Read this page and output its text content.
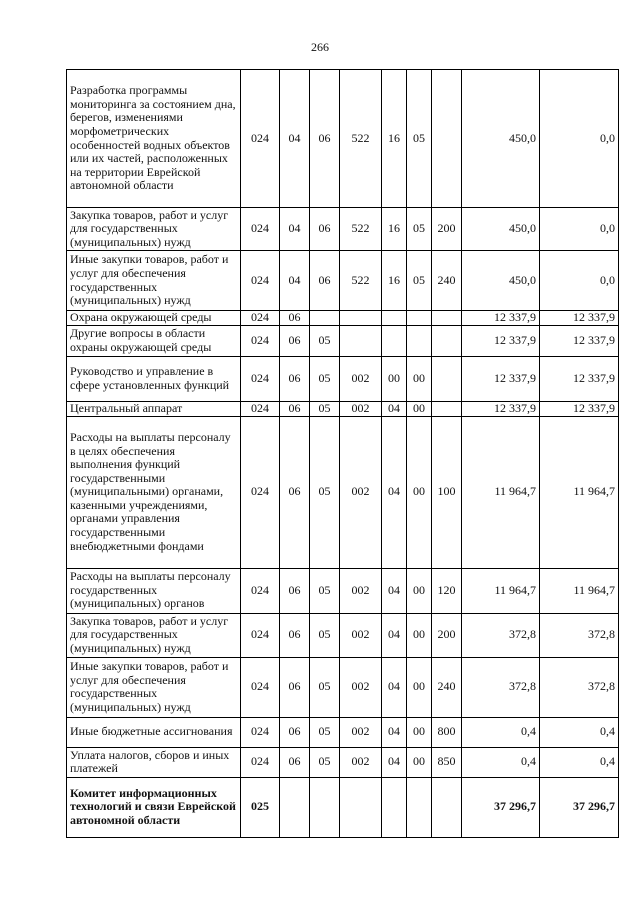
266
Разработка программы мониторинга за состоянием дна, берегов, изменениями морфометрических особенностей водных объектов или их частей, расположенных на территории Еврейской автономной области	024	04	06	522	16	05		450,0	0,0
Закупка товаров, работ и услуг для государственных (муниципальных) нужд	024	04	06	522	16	05	200	450,0	0,0
Иные закупки товаров, работ и услуг для обеспечения государственных (муниципальных) нужд	024	04	06	522	16	05	240	450,0	0,0
Охрана окружающей среды	024	06						12 337,9	12 337,9
Другие вопросы в области охраны окружающей среды	024	06	05					12 337,9	12 337,9
Руководство и управление в сфере установленных функций	024	06	05	002	00	00		12 337,9	12 337,9
Центральный аппарат	024	06	05	002	04	00		12 337,9	12 337,9
Расходы на выплаты персоналу в целях обеспечения выполнения функций государственными (муниципальными) органами, казенными учреждениями, органами управления государственными внебюджетными фондами	024	06	05	002	04	00	100	11 964,7	11 964,7
Расходы на выплаты персоналу государственных (муниципальных) органов	024	06	05	002	04	00	120	11 964,7	11 964,7
Закупка товаров, работ и услуг для государственных (муниципальных) нужд	024	06	05	002	04	00	200	372,8	372,8
Иные закупки товаров, работ и услуг для обеспечения государственных (муниципальных) нужд	024	06	05	002	04	00	240	372,8	372,8
Иные бюджетные ассигнования	024	06	05	002	04	00	800	0,4	0,4
Уплата налогов, сборов и иных платежей	024	06	05	002	04	00	850	0,4	0,4
Комитет информационных технологий и связи Еврейской автономной области	025							37 296,7	37 296,7
